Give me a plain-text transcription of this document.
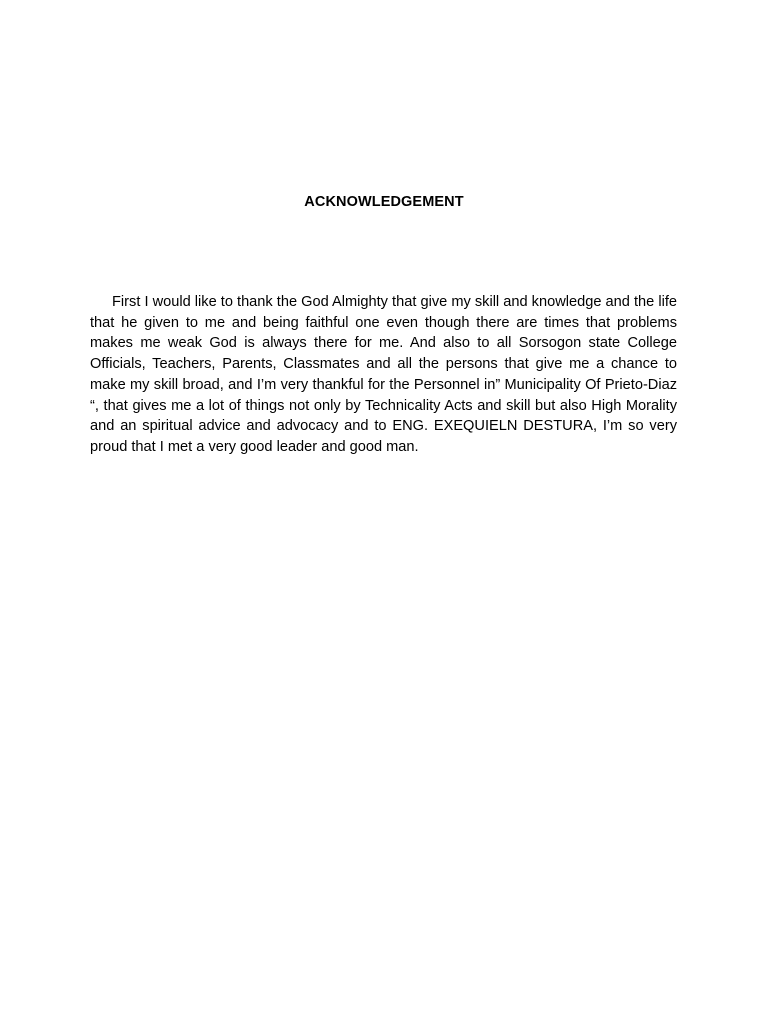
ACKNOWLEDGEMENT

First I would like to thank the God Almighty that give my skill and knowledge and the life that he given to me and being faithful one even though there are times that problems makes me weak God is always there for me. And also to all Sorsogon state College Officials, Teachers, Parents, Classmates and all the persons that give me a chance to make my skill broad, and I’m very thankful for the Personnel in” Municipality Of Prieto-Diaz “, that gives me a lot of things not only by Technicality Acts and skill but also High Morality and an spiritual advice and advocacy and to ENG. EXEQUIELN DESTURA, I’m so very proud that I met a very good leader and good man.
